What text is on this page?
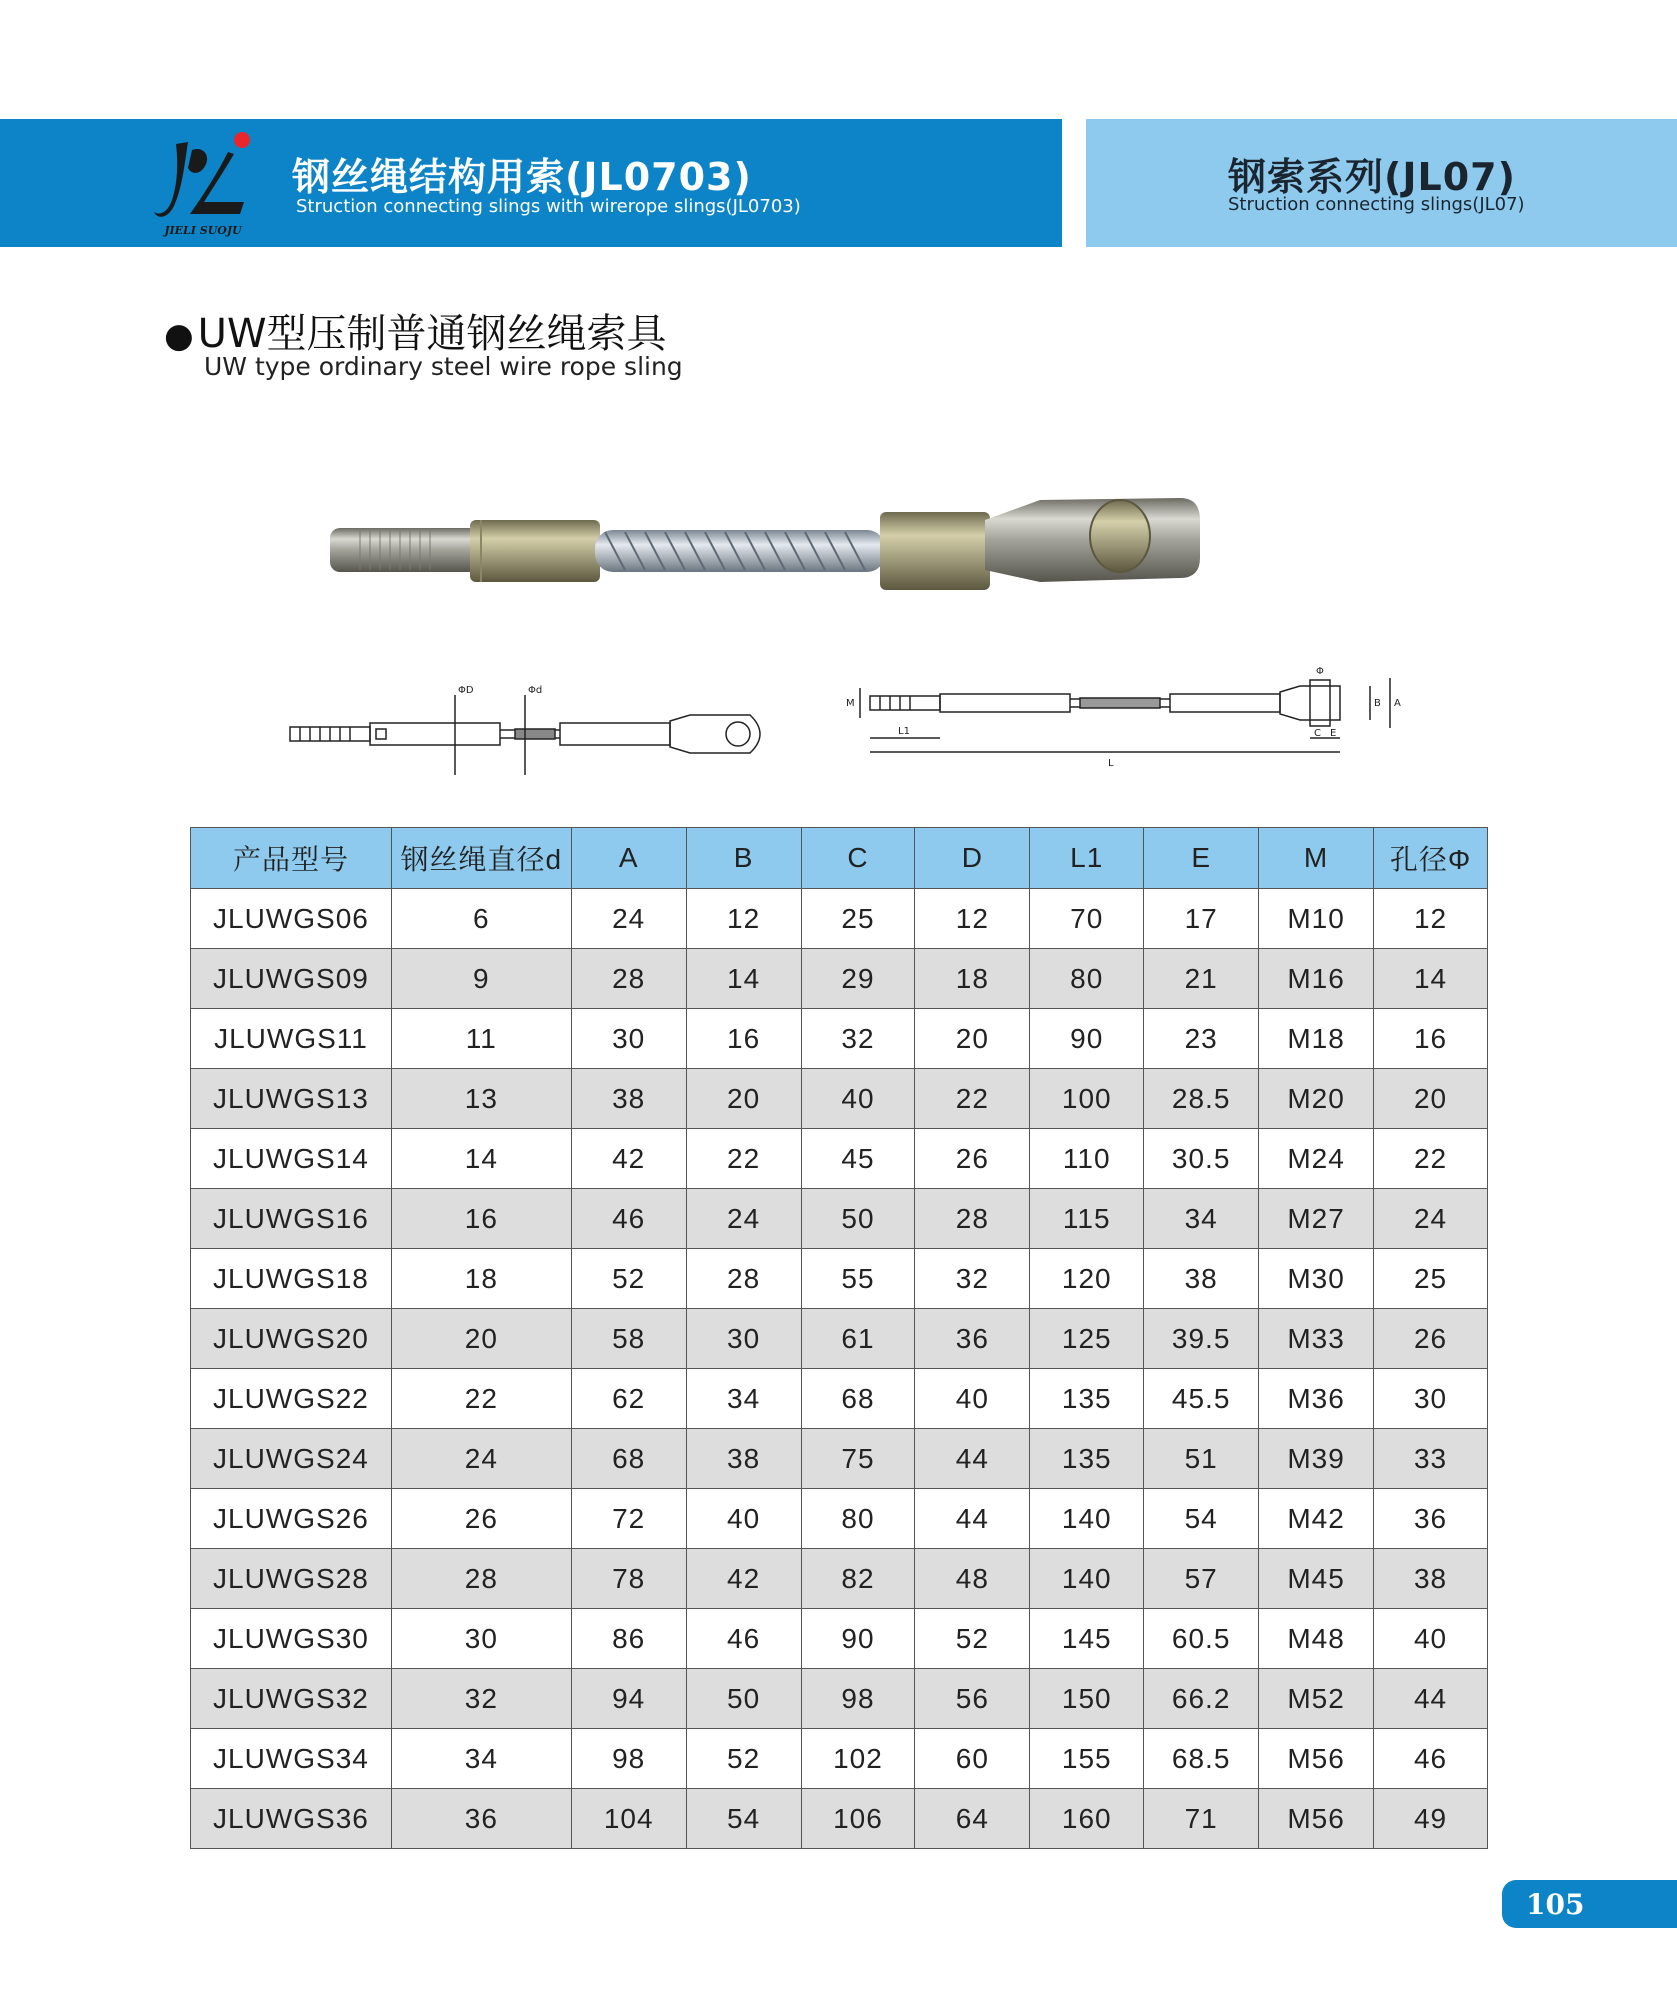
JIELI SUOJU
钢丝绳结构用索(JL0703)
Struction connecting slings with wirerope slings(JL0703)
钢索系列(JL07)
Struction connecting slings(JL07)
● UW型压制普通钢丝绳索具
UW type ordinary steel wire rope sling
ΦD	Φd
M
L1
L
Φ
B A
C E
产品型号	钢丝绳直径d	A	B	C	D	L1	E	M	孔径Φ
JLUWGS06	6	24	12	25	12	70	17	M10	12
JLUWGS09	9	28	14	29	18	80	21	M16	14
JLUWGS11	11	30	16	32	20	90	23	M18	16
JLUWGS13	13	38	20	40	22	100	28.5	M20	20
JLUWGS14	14	42	22	45	26	110	30.5	M24	22
JLUWGS16	16	46	24	50	28	115	34	M27	24
JLUWGS18	18	52	28	55	32	120	38	M30	25
JLUWGS20	20	58	30	61	36	125	39.5	M33	26
JLUWGS22	22	62	34	68	40	135	45.5	M36	30
JLUWGS24	24	68	38	75	44	135	51	M39	33
JLUWGS26	26	72	40	80	44	140	54	M42	36
JLUWGS28	28	78	42	82	48	140	57	M45	38
JLUWGS30	30	86	46	90	52	145	60.5	M48	40
JLUWGS32	32	94	50	98	56	150	66.2	M52	44
JLUWGS34	34	98	52	102	60	155	68.5	M56	46
JLUWGS36	36	104	54	106	64	160	71	M56	49
105
